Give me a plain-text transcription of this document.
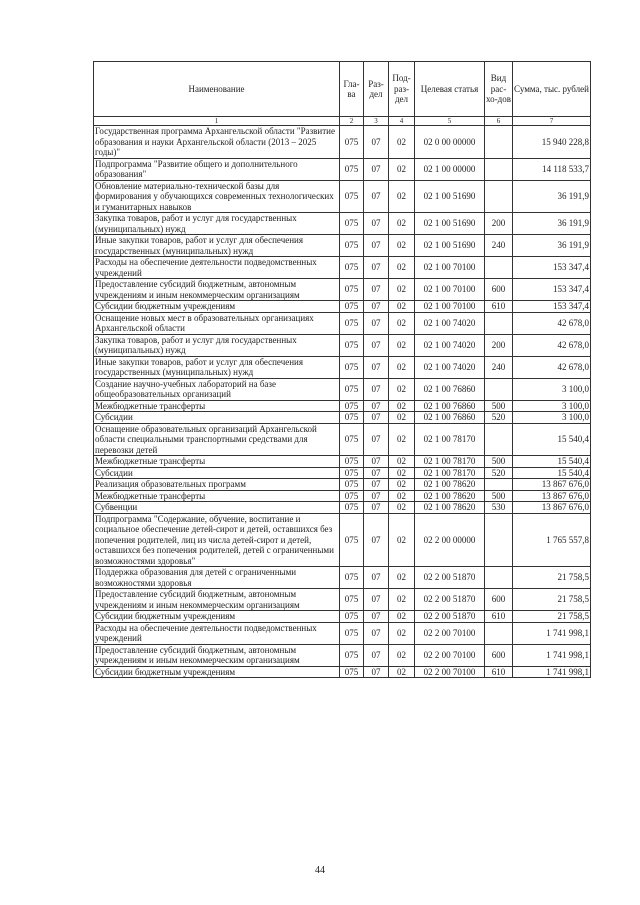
Наименование	Гла-ва	Раз-дел	Под-раз-дел	Целевая статья	Вид рас-хо-дов	Сумма, тыс. рублей
1	2	3	4	5	6	7
Государственная программа Архангельской области "Развитие образования и науки Архангельской области (2013 – 2025 годы)"	075	07	02	02 0 00 00000		15 940 228,8
Подпрограмма "Развитие общего и дополнительного образования"	075	07	02	02 1 00 00000		14 118 533,7
Обновление материально-технической базы для формирования у обучающихся современных технологических и гуманитарных навыков	075	07	02	02 1 00 51690		36 191,9
Закупка товаров, работ и услуг для государственных (муниципальных) нужд	075	07	02	02 1 00 51690	200	36 191,9
Иные закупки товаров, работ и услуг для обеспечения государственных (муниципальных) нужд	075	07	02	02 1 00 51690	240	36 191,9
Расходы на обеспечение деятельности подведомственных учреждений	075	07	02	02 1 00 70100		153 347,4
Предоставление субсидий бюджетным, автономным учреждениям и иным некоммерческим организациям	075	07	02	02 1 00 70100	600	153 347,4
Субсидии бюджетным учреждениям	075	07	02	02 1 00 70100	610	153 347,4
Оснащение новых мест в образовательных организациях Архангельской области	075	07	02	02 1 00 74020		42 678,0
Закупка товаров, работ и услуг для государственных (муниципальных) нужд	075	07	02	02 1 00 74020	200	42 678,0
Иные закупки товаров, работ и услуг для обеспечения государственных (муниципальных) нужд	075	07	02	02 1 00 74020	240	42 678,0
Создание научно-учебных лабораторий на базе общеобразовательных организаций	075	07	02	02 1 00 76860		3 100,0
Межбюджетные трансферты	075	07	02	02 1 00 76860	500	3 100,0
Субсидии	075	07	02	02 1 00 76860	520	3 100,0
Оснащение образовательных организаций Архангельской области специальными транспортными средствами для перевозки детей	075	07	02	02 1 00 78170		15 540,4
Межбюджетные трансферты	075	07	02	02 1 00 78170	500	15 540,4
Субсидии	075	07	02	02 1 00 78170	520	15 540,4
Реализация образовательных программ	075	07	02	02 1 00 78620		13 867 676,0
Межбюджетные трансферты	075	07	02	02 1 00 78620	500	13 867 676,0
Субвенции	075	07	02	02 1 00 78620	530	13 867 676,0
Подпрограмма "Содержание, обучение, воспитание и социальное обеспечение детей-сирот и детей, оставшихся без попечения родителей, лиц из числа детей-сирот и детей, оставшихся без попечения родителей, детей с ограниченными возможностями здоровья"	075	07	02	02 2 00 00000		1 765 557,8
Поддержка образования для детей с ограниченными возможностями здоровья	075	07	02	02 2 00 51870		21 758,5
Предоставление субсидий бюджетным, автономным учреждениям и иным некоммерческим организациям	075	07	02	02 2 00 51870	600	21 758,5
Субсидии бюджетным учреждениям	075	07	02	02 2 00 51870	610	21 758,5
Расходы на обеспечение деятельности подведомственных учреждений	075	07	02	02 2 00 70100		1 741 998,1
Предоставление субсидий бюджетным, автономным учреждениям и иным некоммерческим организациям	075	07	02	02 2 00 70100	600	1 741 998,1
Субсидии бюджетным учреждениям	075	07	02	02 2 00 70100	610	1 741 998,1
44
